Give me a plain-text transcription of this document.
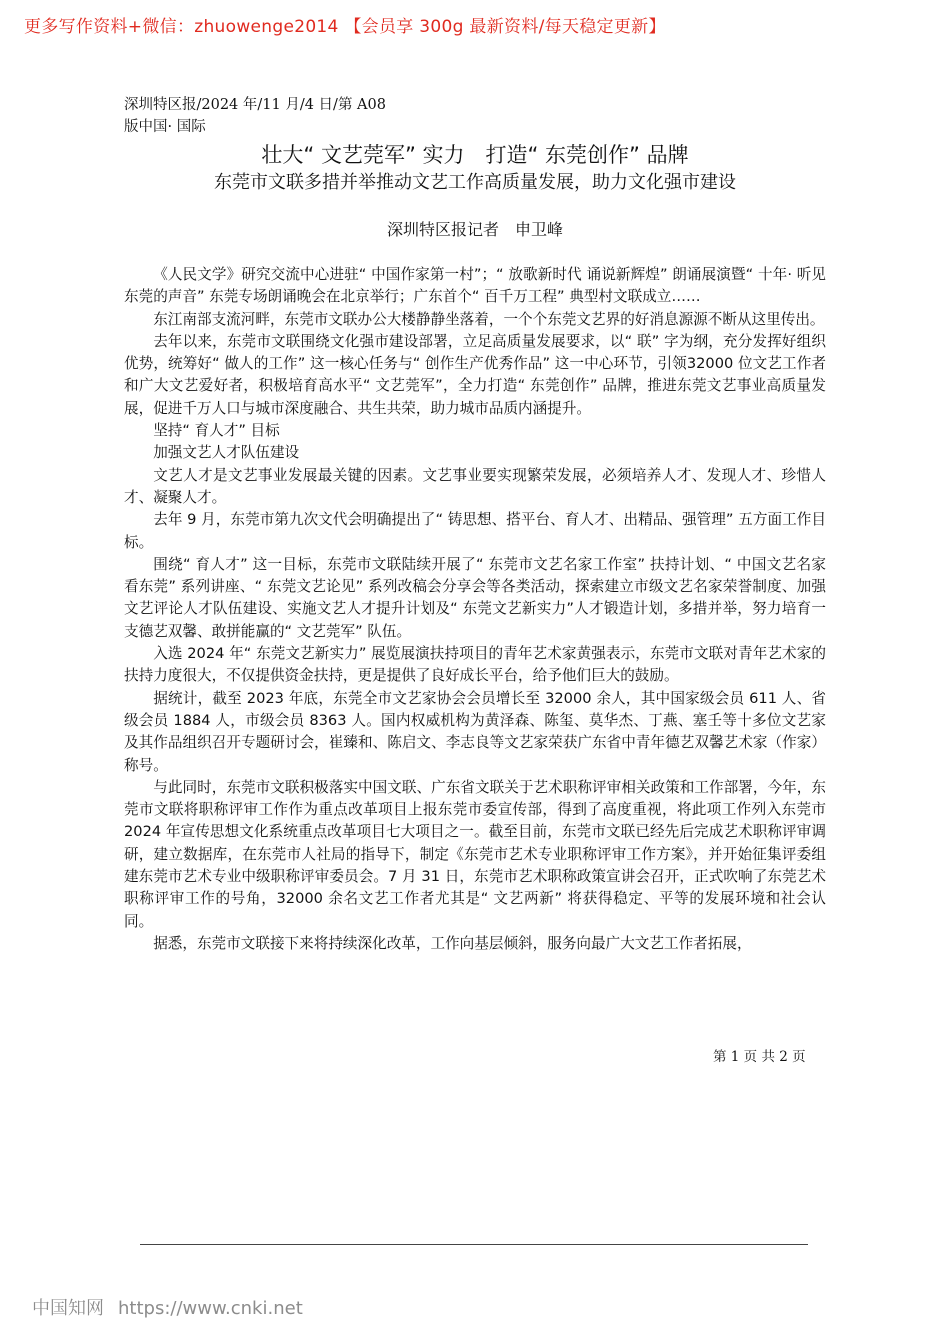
更多写作资料+微信：zhuowenge2014 【会员享 300g 最新资料/每天稳定更新】
深圳特区报/2024 年/11 月/4 日/第 A08
版中国· 国际
壮大“ 文艺莞军” 实力　打造“ 东莞创作” 品牌
东莞市文联多措并举推动文艺工作高质量发展，助力文化强市建设
深圳特区报记者　申卫峰

《人民文学》研究交流中心进驻“ 中国作家第一村”；“ 放歌新时代 诵说新辉煌” 朗诵展演暨“ 十年· 听见东莞的声音” 东莞专场朗诵晚会在北京举行；广东首个“ 百千万工程” 典型村文联成立……

东江南部支流河畔，东莞市文联办公大楼静静坐落着，一个个东莞文艺界的好消息源源不断从这里传出。

去年以来，东莞市文联围绕文化强市建设部署，立足高质量发展要求，以“ 联” 字为纲，充分发挥好组织优势，统筹好“ 做人的工作” 这一核心任务与“ 创作生产优秀作品” 这一中心环节，引领32000 位文艺工作者和广大文艺爱好者，积极培育高水平“ 文艺莞军”，全力打造“ 东莞创作” 品牌，推进东莞文艺事业高质量发展，促进千万人口与城市深度融合、共生共荣，助力城市品质内涵提升。

坚持“ 育人才” 目标

加强文艺人才队伍建设

文艺人才是文艺事业发展最关键的因素。文艺事业要实现繁荣发展，必须培养人才、发现人才、珍惜人才、凝聚人才。

去年 9 月，东莞市第九次文代会明确提出了“ 铸思想、搭平台、育人才、出精品、强管理” 五方面工作目标。

围绕“ 育人才” 这一目标，东莞市文联陆续开展了“ 东莞市文艺名家工作室” 扶持计划、“ 中国文艺名家看东莞” 系列讲座、“ 东莞文艺论见” 系列改稿会分享会等各类活动，探索建立市级文艺名家荣誉制度、加强文艺评论人才队伍建设、实施文艺人才提升计划及“ 东莞文艺新实力”人才锻造计划，多措并举，努力培育一支德艺双馨、敢拼能赢的“ 文艺莞军” 队伍。

入选 2024 年“ 东莞文艺新实力” 展览展演扶持项目的青年艺术家黄强表示，东莞市文联对青年艺术家的扶持力度很大，不仅提供资金扶持，更是提供了良好成长平台，给予他们巨大的鼓励。

据统计，截至 2023 年底，东莞全市文艺家协会会员增长至 32000 余人，其中国家级会员 611 人、省级会员 1884 人，市级会员 8363 人。国内权威机构为黄泽森、陈玺、莫华杰、丁燕、塞壬等十多位文艺家及其作品组织召开专题研讨会，崔臻和、陈启文、李志良等文艺家荣获广东省中青年德艺双馨艺术家（作家）称号。

与此同时，东莞市文联积极落实中国文联、广东省文联关于艺术职称评审相关政策和工作部署，今年，东莞市文联将职称评审工作作为重点改革项目上报东莞市委宣传部，得到了高度重视，将此项工作列入东莞市 2024 年宣传思想文化系统重点改革项目七大项目之一。截至目前，东莞市文联已经先后完成艺术职称评审调研，建立数据库，在东莞市人社局的指导下，制定《东莞市艺术专业职称评审工作方案》，并开始征集评委组建东莞市艺术专业中级职称评审委员会。7 月 31 日，东莞市艺术职称政策宣讲会召开，正式吹响了东莞艺术职称评审工作的号角，32000 余名文艺工作者尤其是“ 文艺两新” 将获得稳定、平等的发展环境和社会认同。

据悉，东莞市文联接下来将持续深化改革，工作向基层倾斜，服务向最广大文艺工作者拓展，

第 1 页 共 2 页
中国知网 https://www.cnki.net
